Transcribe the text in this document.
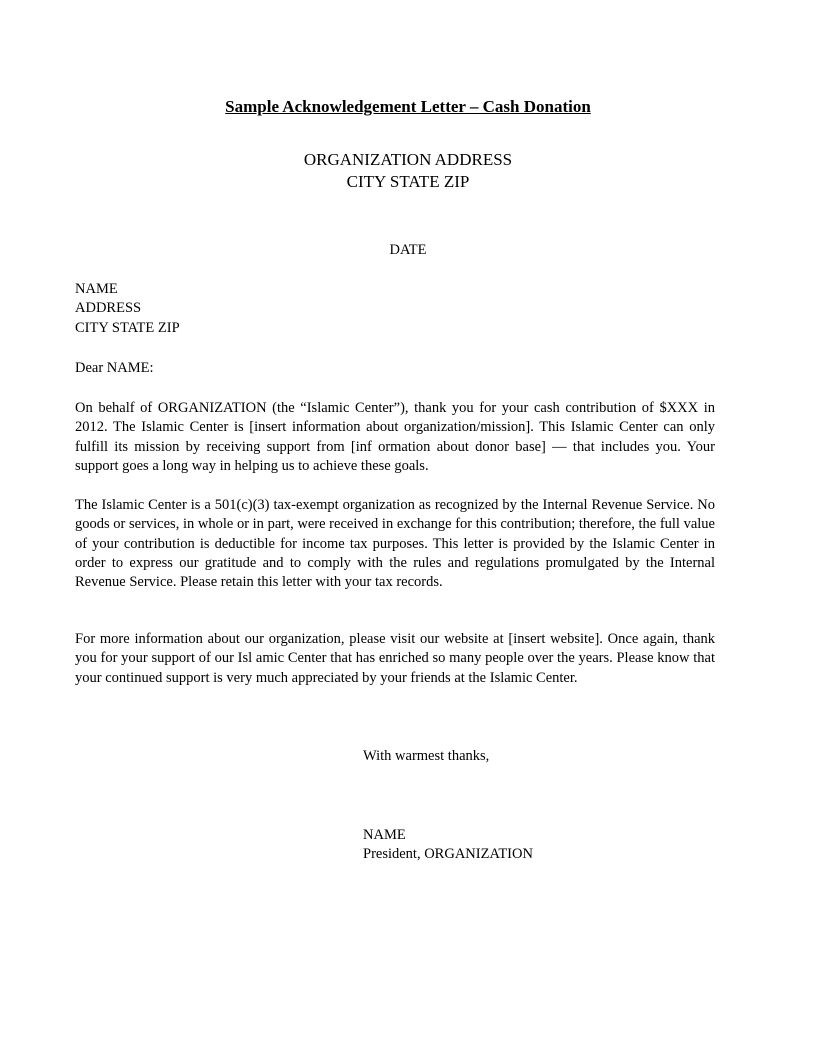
Sample Acknowledgement Letter – Cash Donation
ORGANIZATION ADDRESS
CITY STATE ZIP
DATE
NAME
ADDRESS
CITY STATE ZIP
Dear NAME:
On behalf of ORGANIZATION (the “Islamic Center”), thank you for your cash contribution of $XXX in 2012. The Islamic Center is [insert information about organization/mission]. This Islamic Center can only fulfill its mission by receiving support from [inf ormation about donor base] — that includes you. Your support goes a long way in helping us to achieve these goals.
The Islamic Center is a 501(c)(3) tax-exempt organization as recognized by the Internal Revenue Service. No goods or services, in whole or in part, were received in exchange for this contribution; therefore, the full value of your contribution is deductible for income tax purposes. This letter is provided by the Islamic Center in order to express our gratitude and to comply with the rules and regulations promulgated by the Internal Revenue Service. Please retain this letter with your tax records.
For more information about our organization, please visit our website at [insert website]. Once again, thank you for your support of our Isl amic Center that has enriched so many people over the years. Please know that your continued support is very much appreciated by your friends at the Islamic Center.
With warmest thanks,
NAME
President, ORGANIZATION
